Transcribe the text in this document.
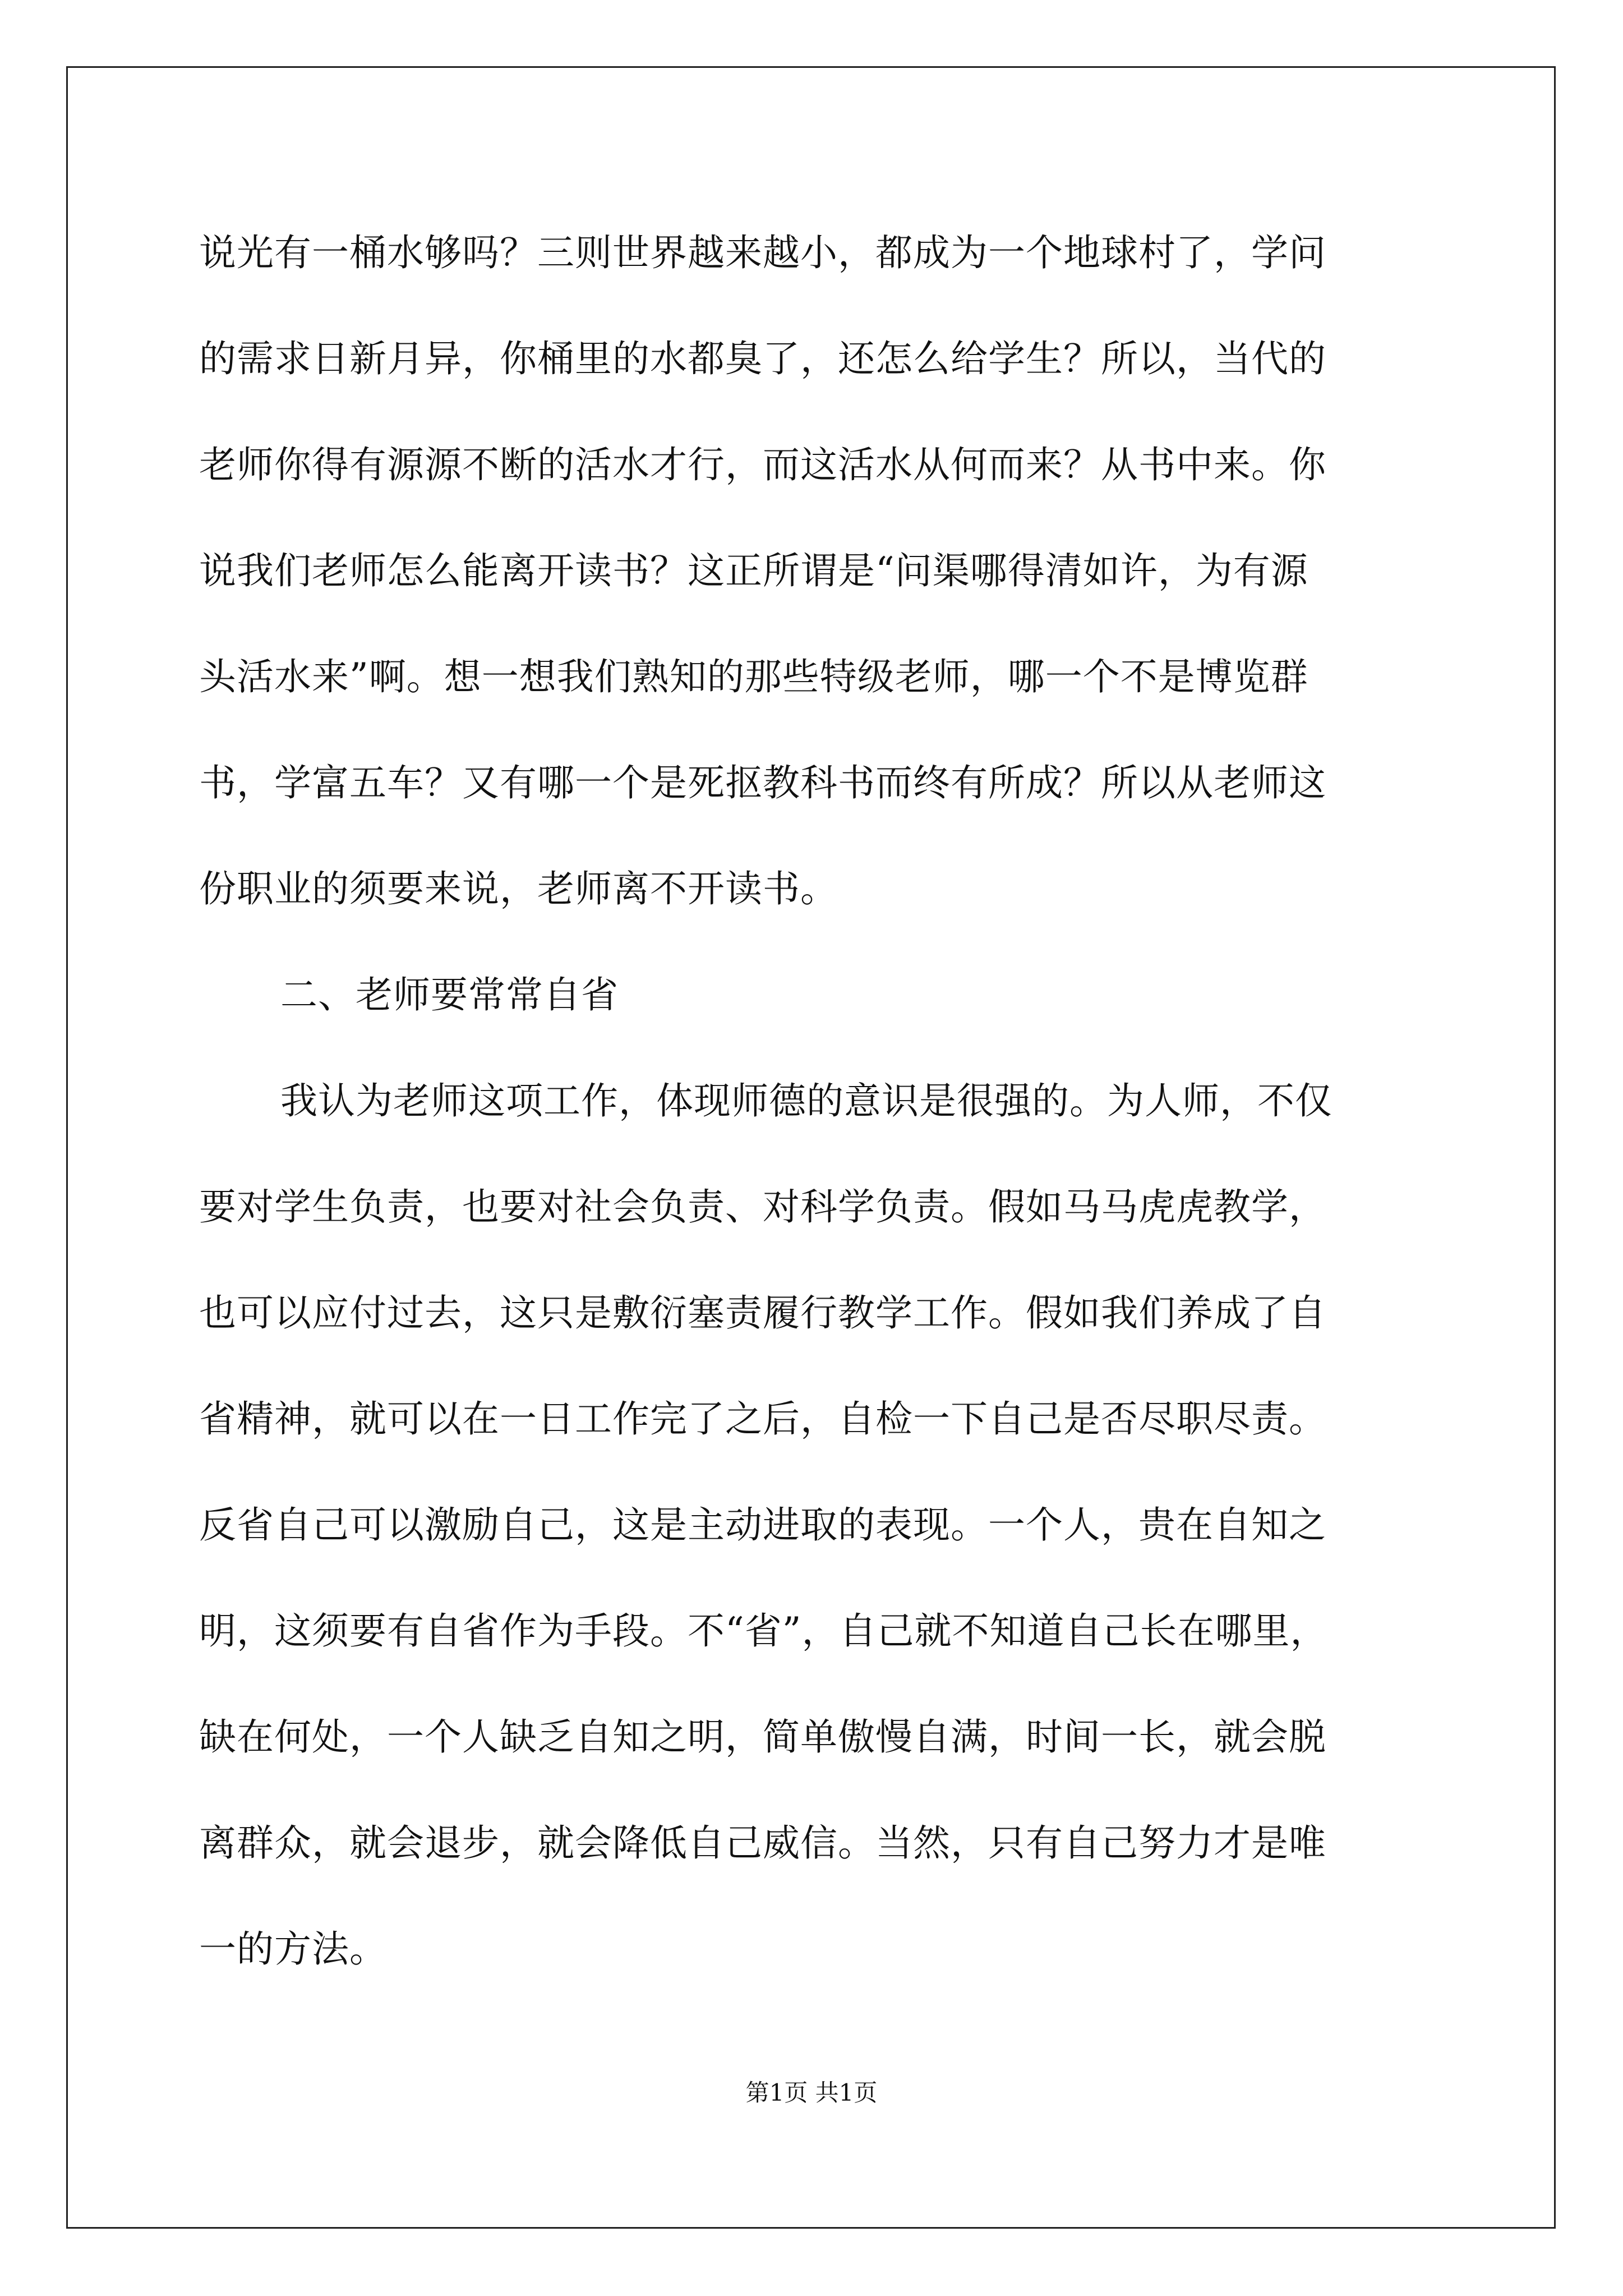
说光有一桶水够吗？三则世界越来越小，都成为一个地球村了，学问
的需求日新月异，你桶里的水都臭了，还怎么给学生？所以，当代的
老师你得有源源不断的活水才行，而这活水从何而来？从书中来。你
说我们老师怎么能离开读书？这正所谓是“问渠哪得清如许，为有源
头活水来”啊。想一想我们熟知的那些特级老师，哪一个不是博览群
书，学富五车？又有哪一个是死抠教科书而终有所成？所以从老师这
份职业的须要来说，老师离不开读书。
二、老师要常常自省
我认为老师这项工作，体现师德的意识是很强的。为人师，不仅
要对学生负责，也要对社会负责、对科学负责。假如马马虎虎教学，
也可以应付过去，这只是敷衍塞责履行教学工作。假如我们养成了自
省精神，就可以在一日工作完了之后，自检一下自己是否尽职尽责。
反省自己可以激励自己，这是主动进取的表现。一个人，贵在自知之
明，这须要有自省作为手段。不“省”，自己就不知道自己长在哪里，
缺在何处，一个人缺乏自知之明，简单傲慢自满，时间一长，就会脱
离群众，就会退步，就会降低自己威信。当然，只有自己努力才是唯
一的方法。
第1页 共1页
